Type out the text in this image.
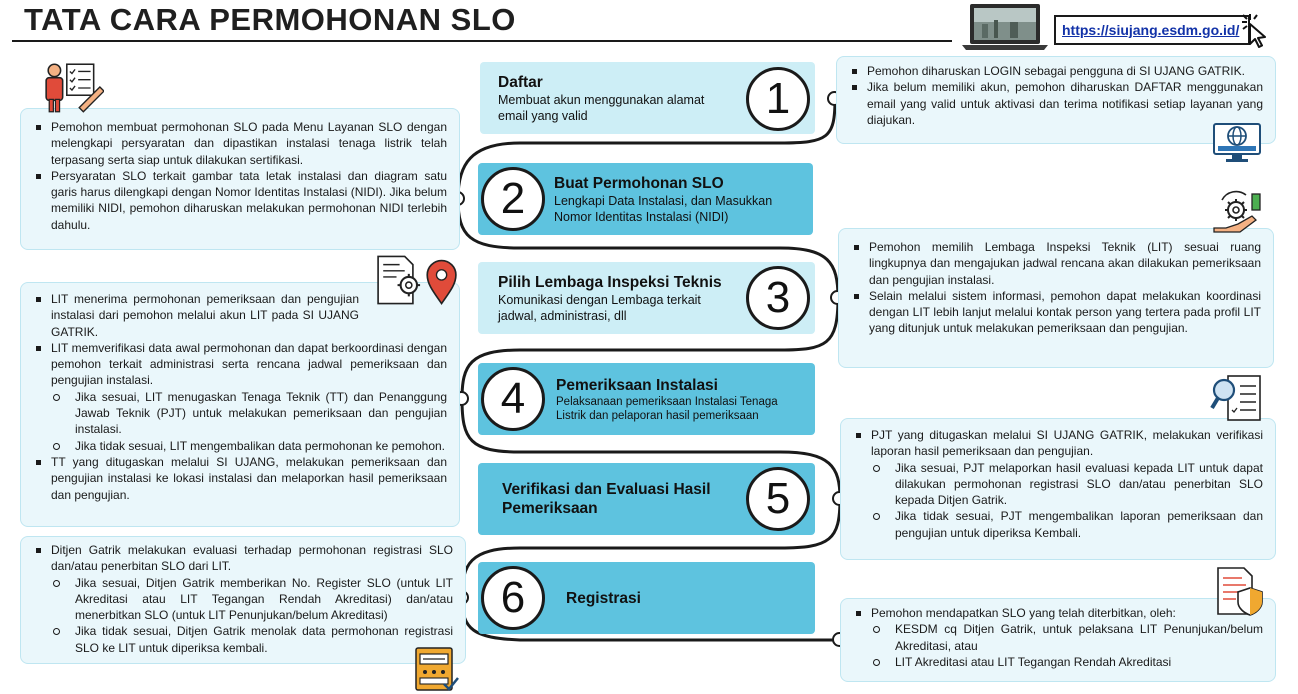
TATA CARA PERMOHONAN SLO	https://siujang.esdm.go.id/
Daftar

Membuat akun menggunakan alamat email yang valid	1
Buat Permohonan SLO

Lengkapi Data Instalasi, dan Masukkan Nomor Identitas Instalasi (NIDI)

2
Pilih Lembaga Inspeksi Teknis

Komunikasi dengan Lembaga terkait jadwal, administrasi, dll	3
Pemeriksaan Instalasi

Pelaksanaan pemeriksaan Instalasi Tenaga Listrik dan pelaporan hasil pemeriksaan

4
Verifikasi dan Evaluasi Hasil Pemeriksaan	5
Registrasi
6
Pemohon diharuskan LOGIN sebagai pengguna di SI UJANG GATRIK.
Jika belum memiliki akun, pemohon diharuskan DAFTAR menggunakan email yang valid untuk aktivasi dan terima notifikasi setiap layanan yang diajukan.
Pemohon membuat permohonan SLO pada Menu Layanan SLO dengan melengkapi persyaratan dan dipastikan instalasi tenaga listrik telah terpasang serta siap untuk dilakukan sertifikasi.
Persyaratan SLO terkait gambar tata letak instalasi dan diagram satu garis harus dilengkapi dengan Nomor Identitas Instalasi (NIDI). Jika belum memiliki NIDI, pemohon diharuskan melakukan permohonan NIDI terlebih dahulu.
Pemohon memilih Lembaga Inspeksi Teknik (LIT) sesuai ruang lingkupnya dan mengajukan jadwal rencana akan dilakukan pemeriksaan dan pengujian instalasi.
Selain melalui sistem informasi, pemohon dapat melakukan koordinasi dengan LIT lebih lanjut melalui kontak person yang tertera pada profil LIT yang ditunjuk untuk melakukan pemeriksaan dan pengujian.
LIT menerima permohonan pemeriksaan dan pengujian instalasi dari pemohon melalui akun LIT pada SI UJANG GATRIK.
LIT memverifikasi data awal permohonan dan dapat berkoordinasi dengan pemohon terkait administrasi serta rencana jadwal pemeriksaan dan pengujian instalasi.
Jika sesuai, LIT menugaskan Tenaga Teknik (TT) dan Penanggung Jawab Teknik (PJT) untuk melakukan pemeriksaan dan pengujian instalasi.
Jika tidak sesuai, LIT mengembalikan data permohonan ke pemohon.
TT yang ditugaskan melalui SI UJANG, melakukan pemeriksaan dan pengujian instalasi ke lokasi instalasi dan melaporkan hasil pemeriksaan dan pengujian.
PJT yang ditugaskan melalui SI UJANG GATRIK, melakukan verifikasi laporan hasil pemeriksaan dan pengujian.
Jika sesuai, PJT melaporkan hasil evaluasi kepada LIT untuk dapat dilakukan permohonan registrasi SLO dan/atau penerbitan SLO kepada Ditjen Gatrik.
Jika tidak sesuai, PJT mengembalikan laporan pemeriksaan dan pengujian untuk diperiksa Kembali.
Ditjen Gatrik melakukan evaluasi terhadap permohonan registrasi SLO dan/atau penerbitan SLO dari LIT.
Jika sesuai, Ditjen Gatrik memberikan No. Register SLO (untuk LIT Akreditasi atau LIT Tegangan Rendah Akreditasi) dan/atau menerbitkan SLO (untuk LIT Penunjukan/belum Akreditasi)
Jika tidak sesuai, Ditjen Gatrik menolak data permohonan registrasi SLO ke LIT untuk diperiksa kembali.
Pemohon mendapatkan SLO yang telah diterbitkan, oleh:
KESDM cq Ditjen Gatrik, untuk pelaksana LIT Penunjukan/belum Akreditasi, atau
LIT Akreditasi atau LIT Tegangan Rendah Akreditasi
